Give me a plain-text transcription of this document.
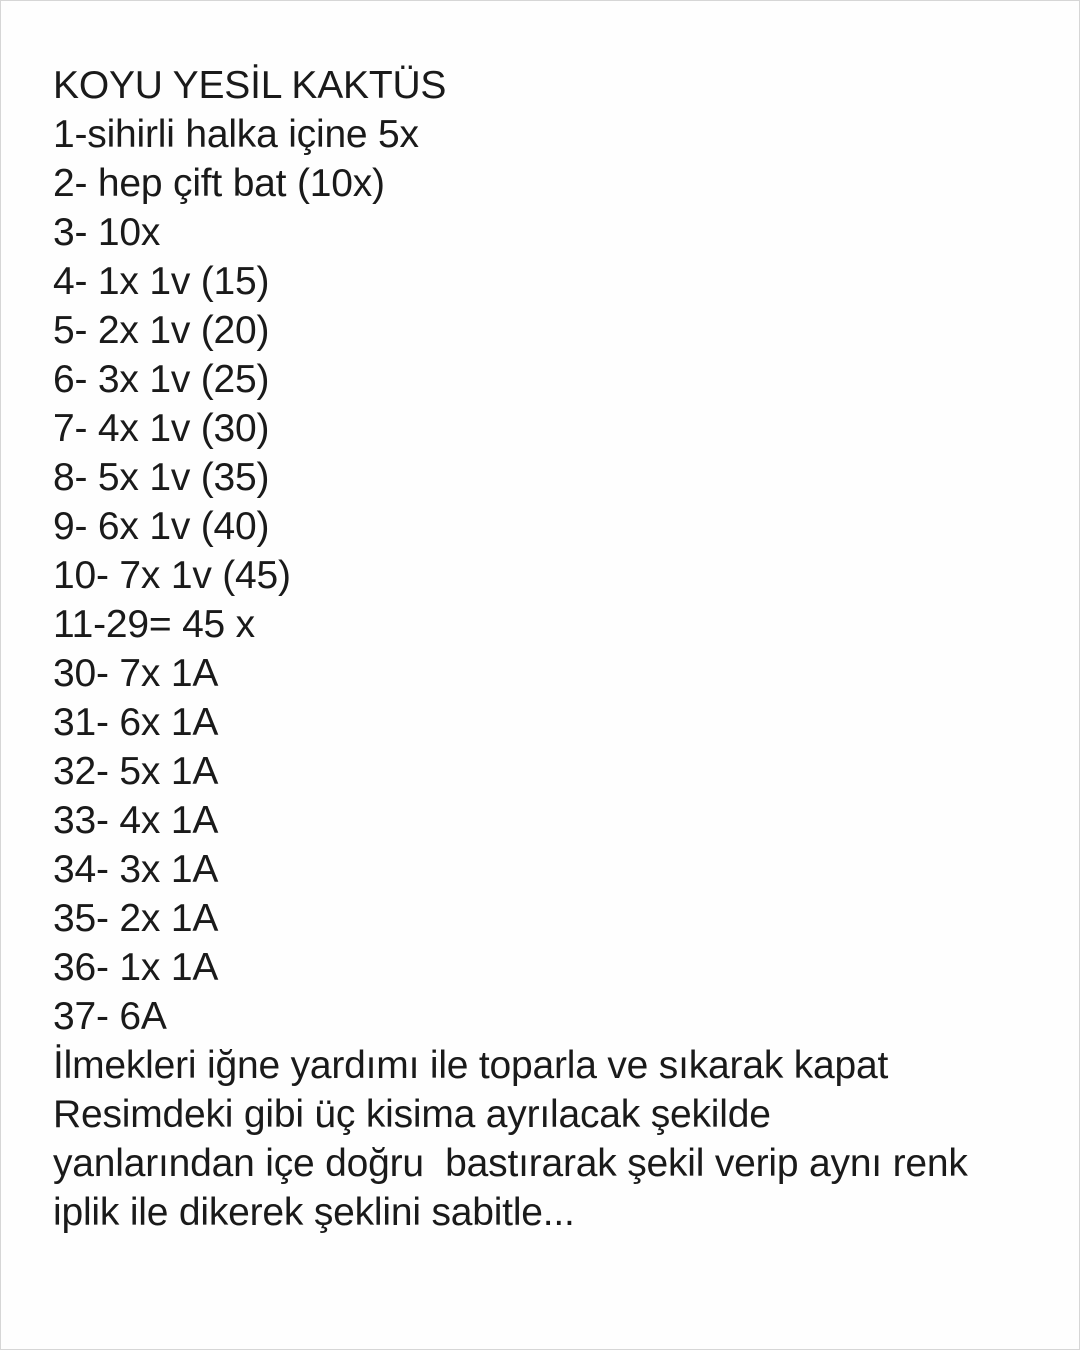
KOYU YESİL KAKTÜS
1-sihirli halka içine 5x
2- hep çift bat (10x)
3- 10x
4- 1x 1v (15)
5- 2x 1v (20)
6- 3x 1v (25)
7- 4x 1v (30)
8- 5x 1v (35)
9- 6x 1v (40)
10- 7x 1v (45)
11-29= 45 x
30- 7x 1A
31- 6x 1A
32- 5x 1A
33- 4x 1A
34- 3x 1A
35- 2x 1A
36- 1x 1A
37- 6A
İlmekleri iğne yardımı ile toparla ve sıkarak kapat
Resimdeki gibi üç kisima ayrılacak şekilde
yanlarından içe doğru  bastırarak şekil verip aynı renk
iplik ile dikerek şeklini sabitle...
